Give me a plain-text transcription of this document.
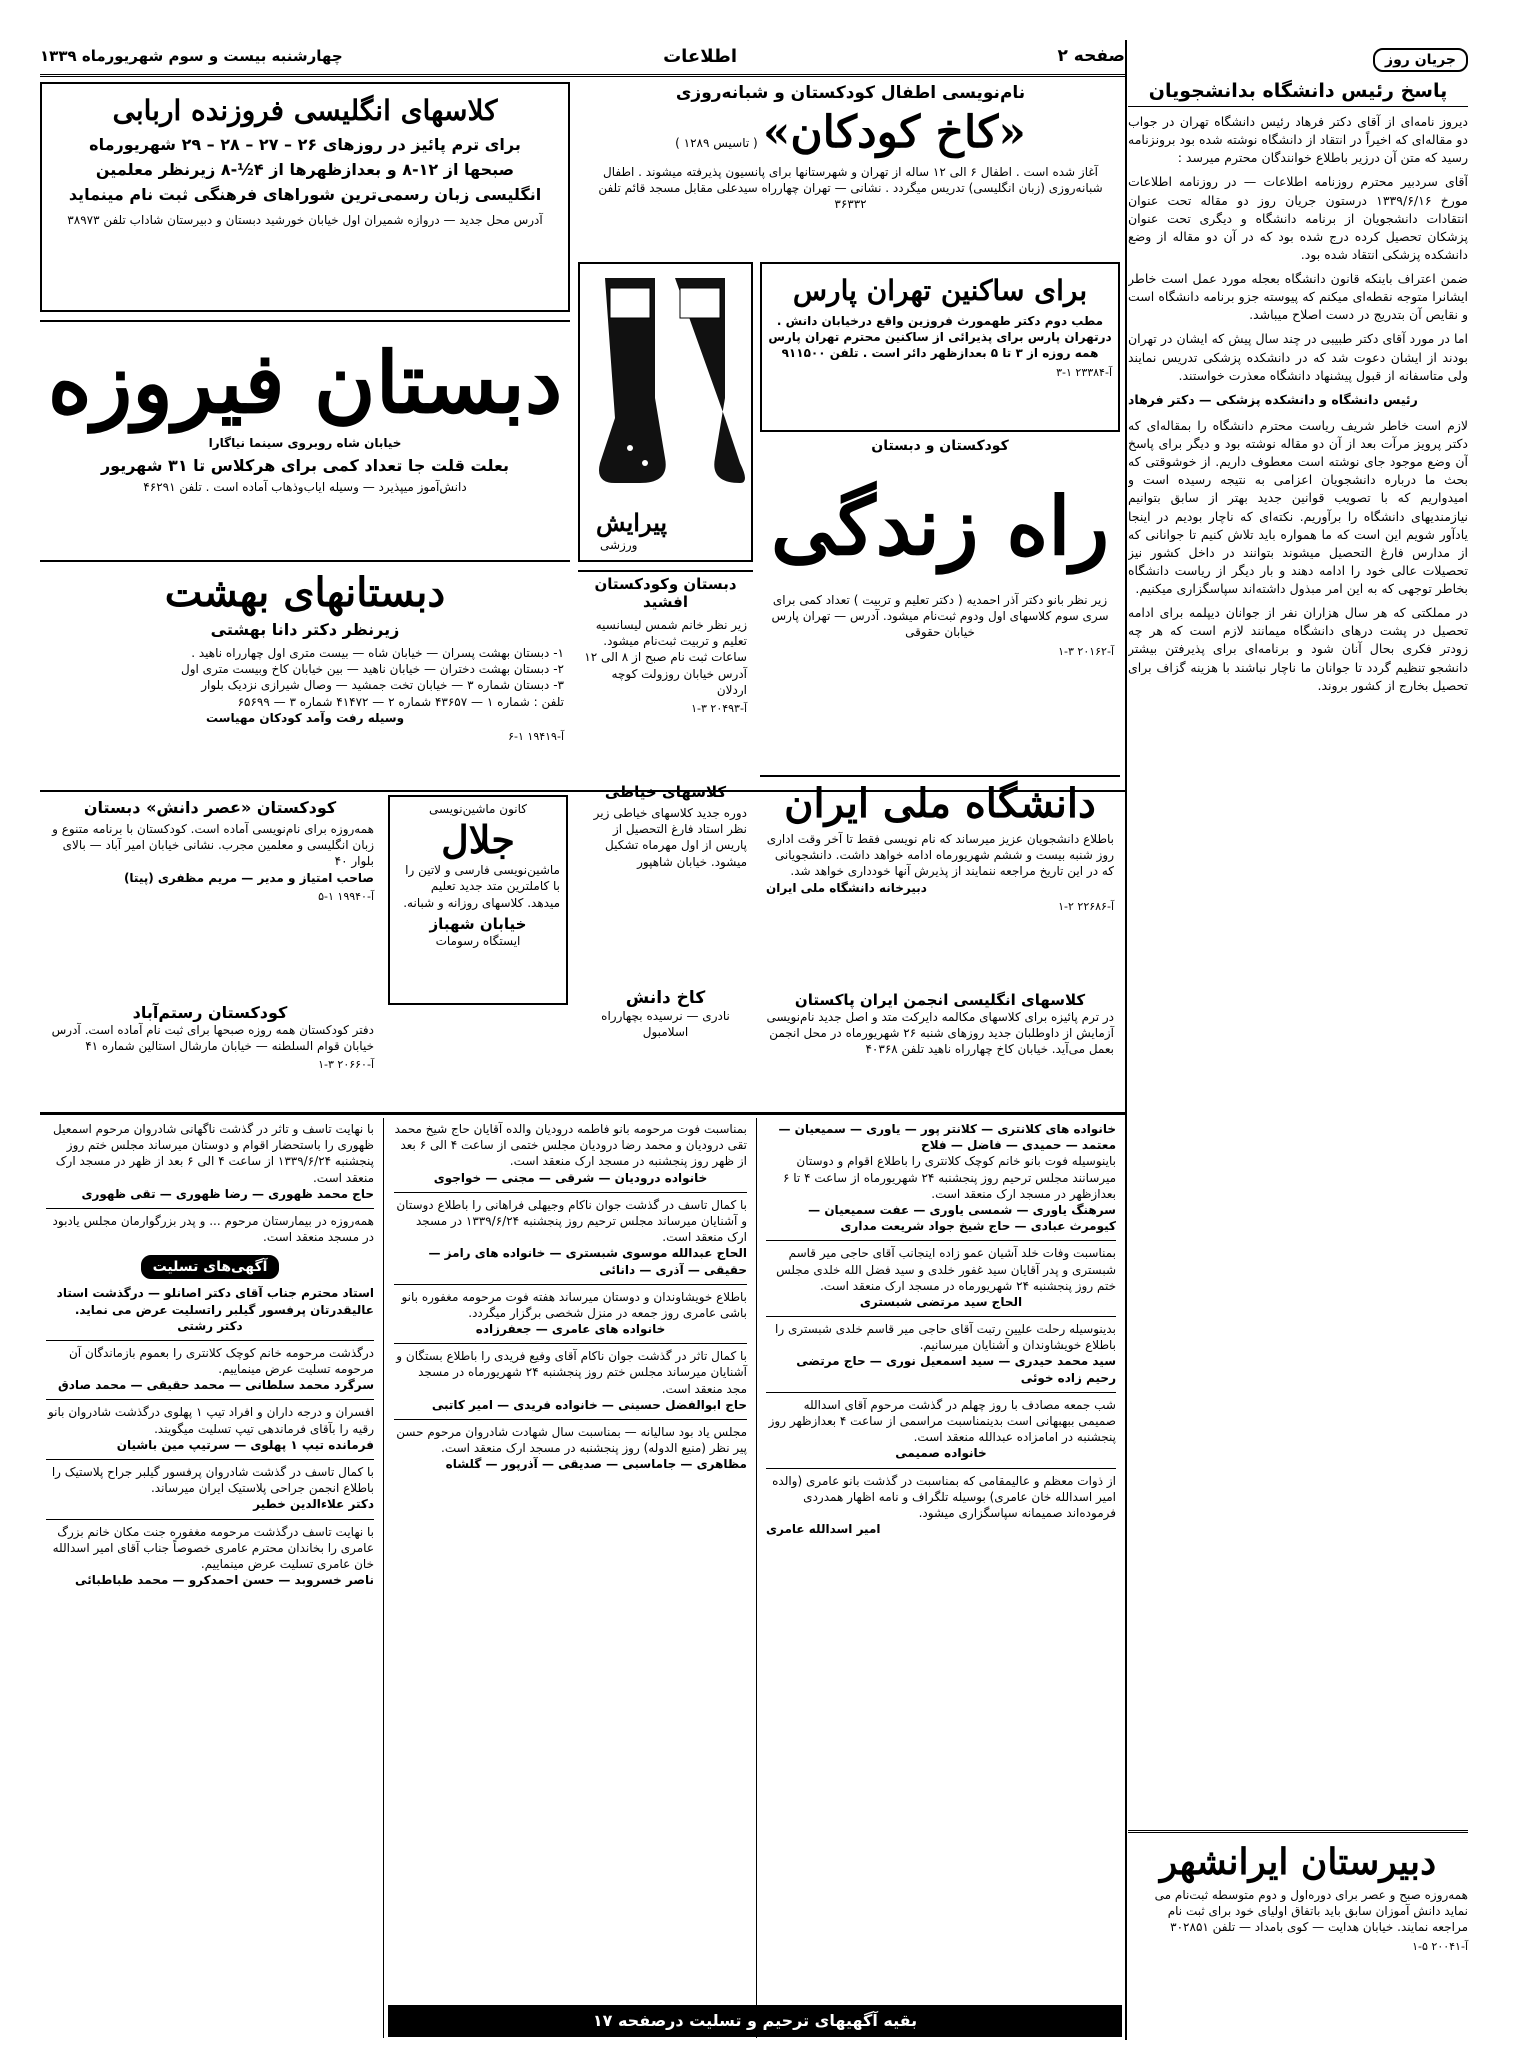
صفحه ۲
اطلاعات
چهارشنبه بیست و سوم شهریورماه ۱۳۳۹	جریان روز
پاسخ رئیس دانشگاه بدانشجویان

دیروز نامه‌ای از آقای دکتر فرهاد رئیس دانشگاه تهران در جواب دو مقاله‌ای که اخیراً در انتقاد از دانشگاه نوشته شده بود برونزنامه رسید که متن آن درزیر باطلاع خوانندگان محترم میرسد :

آقای سردبیر محترم روزنامه اطلاعات — در روزنامه اطلاعات مورخ ۱۳۳۹/۶/۱۶ درستون جریان روز دو مقاله تحت عنوان انتقادات دانشجویان از برنامه دانشگاه و دیگری تحت عنوان پزشکان تحصیل کرده درج شده بود که در آن دو مقاله از وضع دانشکده پزشکی انتقاد شده بود.

ضمن اعتراف باینکه قانون دانشگاه بعجله مورد عمل است خاطر ایشانرا متوجه نقطه‌ای میکنم که پیوسته جزو برنامه دانشگاه است و نقایص آن بتدریج در دست اصلاح میباشد.

اما در مورد آقای دکتر طبیبی در چند سال پیش که ایشان در تهران بودند از ایشان دعوت شد که در دانشکده پزشکی تدریس نمایند ولی متاسفانه از قبول پیشنهاد دانشگاه معذرت خواستند.

رئیس دانشگاه و دانشکده پزشکی — دکتر فرهاد

لازم است خاطر شریف ریاست محترم دانشگاه را بمقاله‌ای که دکتر پرویز مرآت بعد از آن دو مقاله نوشته بود و دیگر برای پاسخ آن وضع موجود جای نوشته است معطوف داریم. از خوشوقتی که بحث ما درباره دانشجویان اعزامی به نتیجه رسیده است و امیدواریم که با تصویب قوانین جدید بهتر از سابق بتوانیم نیازمندیهای دانشگاه را برآوریم. نکته‌ای که ناچار بودیم در اینجا یادآور شویم این است که ما همواره باید تلاش کنیم تا جوانانی که از مدارس فارغ التحصیل میشوند بتوانند در داخل کشور نیز تحصیلات عالی خود را ادامه دهند و بار دیگر از ریاست دانشگاه بخاطر توجهی که به این امر مبذول داشته‌اند سپاسگزاری میکنیم.

در مملکتی که هر سال هزاران نفر از جوانان دیپلمه برای ادامه تحصیل در پشت درهای دانشگاه میمانند لازم است که هر چه زودتر فکری بحال آنان شود و برنامه‌ای برای پذیرفتن بیشتر دانشجو تنظیم گردد تا جوانان ما ناچار نباشند با هزینه گزاف برای تحصیل بخارج از کشور بروند.

دبیرستان ایرانشهر
همه‌روزه صبح و عصر برای دوره‌اول و دوم متوسطه ثبت‌نام می نماید دانش آموزان سابق باید باتفاق اولیای خود برای ثبت نام مراجعه نمایند. خیابان هدایت — کوی بامداد — تلفن ۳۰۲۸۵۱
آ-۲۰۰۴۱ ۵-۱
کلاسهای انگلیسی فروزنده اربابی
برای ترم پائیز در روزهای ۲۶ – ۲۷ – ۲۸ – ۲۹ شهریورماه
صبحها از ۱۲-۸ و بعدازظهرها از ۴½-۸ زیرنظر معلمین
انگلیسی زبان رسمی‌ترین شوراهای فرهنگی ثبت نام مینماید
آدرس محل جدید — دروازه شمیران اول خیابان خورشید دبستان و دبیرستان شاداب تلفن ۳۸۹۷۳
نام‌نویسی اطفال کودکستان و شبانه‌روزی
«کاخ کودکان» ( تاسیس ۱۲۸۹ )
آغاز شده است . اطفال ۶ الی ۱۲ ساله از تهران و شهرستانها برای پانسیون پذیرفته میشوند . اطفال شبانه‌روزی (زبان انگلیسی) تدریس میگردد . نشانی — تهران چهارراه سیدعلی مقابل مسجد قائم تلفن ۳۶۳۳۲
دبستان فیروزه
خیابان شاه روبروی سینما نیاگارا
بعلت قلت جا تعداد کمی برای هرکلاس تا ۳۱ شهریور
دانش‌آموز میپذیرد — وسیله ایاب‌وذهاب آماده است . تلفن ۴۶۲۹۱
پیرایش
ورزشی
برای ساکنین تهران پارس
مطب دوم دکتر طهمورث فروزین واقع درخیابان دانش . درتهران پارس برای پذیرائی از ساکنین محترم تهران پارس همه روزه از ۳ تا ۵ بعدازظهر دائر است . تلفن ۹۱۱۵۰۰
آ-۲۳۳۸۴ ۱-۳
کودکستان و دبستان
راه زندگی
زیر نظر بانو دکتر آذر احمدیه ( دکتر تعلیم و تربیت ) تعداد کمی برای سری سوم کلاسهای اول ودوم ثبت‌نام میشود. آدرس — تهران پارس خیابان حقوقی
آ-۲۰۱۶۲ ۳-۱
دبستانهای بهشت
زیرنظر دکتر دانا بهشتی
۱- دبستان بهشت پسران — خیابان شاه — بیست متری اول چهارراه ناهید .
۲- دبستان بهشت دختران — خیابان ناهید — بین خیابان کاخ وبیست متری اول
۳- دبستان شماره ۳ — خیابان تخت جمشید — وصال شیرازی نزدیک بلوار
تلفن : شماره ۱ — ۴۳۶۵۷ شماره ۲ — ۴۱۴۷۲ شماره ۳ — ۶۵۶۹۹
وسیله رفت وآمد کودکان مهیاست
آ-۱۹۴۱۹ ۱-۶
دبستان وکودکستان افشید
زیر نظر خانم شمس لیسانسیه تعلیم و تربیت ثبت‌نام میشود. ساعات ثبت نام صبح از ۸ الی ۱۲ آدرس خیابان روزولت کوچه اردلان
آ-۲۰۴۹۳ ۳-۱
کودکستان «عصر دانش» دبستان
همه‌روزه برای نام‌نویسی آماده است. کودکستان با برنامه متنوع و زبان انگلیسی و معلمین مجرب. نشانی خیابان امیر آباد — بالای بلوار ۴۰
صاحب امتیاز و مدیر — مریم مظفری (پیتا)
آ-۱۹۹۴۰ ۱-۵
کانون ماشین‌نویسی
جلال
ماشین‌نویسی فارسی و لاتین را با کاملترین متد جدید تعلیم میدهد. کلاسهای روزانه و شبانه.
خیابان شهباز
ایستگاه رسومات
کلاسهای خیاطی
دوره جدید کلاسهای خیاطی زیر نظر استاد فارغ التحصیل از پاریس از اول مهرماه تشکیل میشود. خیابان شاهپور
دانشگاه ملی ایران
باطلاع دانشجویان عزیز میرساند که نام نویسی فقط تا آخر وقت اداری روز شنبه بیست و ششم شهریورماه ادامه خواهد داشت. دانشجویانی که در این تاریخ مراجعه ننمایند از پذیرش آنها خودداری خواهد شد.
دبیرخانه دانشگاه ملی ایران
آ-۲۲۶۸۶ ۲-۱
کودکستان رستم‌آباد
دفتر کودکستان همه روزه صبحها برای ثبت نام آماده است. آدرس خیابان قوام السلطنه — خیابان مارشال استالین شماره ۴۱
آ-۲۰۶۶۰ ۳-۱
کاخ دانش
نادری — نرسیده بچهارراه اسلامبول
کلاسهای انگلیسی انجمن ایران پاکستان
در ترم پائیزه برای کلاسهای مکالمه دایرکت متد و اصل جدید نام‌نویسی آزمایش از داوطلبان جدید روزهای شنبه ۲۶ شهریورماه در محل انجمن بعمل می‌آید. خیابان کاخ چهارراه ناهید تلفن ۴۰۳۶۸
با نهایت تاسف و تاثر در گذشت ناگهانی شادروان مرحوم اسمعیل ظهوری را باستحضار اقوام و دوستان میرساند مجلس ختم روز پنجشنبه ۱۳۳۹/۶/۲۴ از ساعت ۴ الی ۶ بعد از ظهر در مسجد ارک منعقد است.
حاج محمد ظهوری — رضا ظهوری — تقی ظهوری
همه‌روزه در بیمارستان مرحوم ... و پدر بزرگوارمان مجلس یادبود در مسجد منعقد است.
آگهی‌های تسلیت
استاد محترم جناب آقای دکتر اصانلو — درگذشت استاد عالیقدرتان پرفسور گیلبر راتسلیت عرض می نماید.
دکتر رشتی
درگذشت مرحومه خانم کوچک کلانتری را بعموم بازماندگان آن مرحومه تسلیت عرض مینماییم.
سرگرد محمد سلطانی — محمد حقیقی — محمد صادق
افسران و درجه داران و افراد تیپ ۱ پهلوی درگذشت شادروان بانو رقیه را بآقای فرماندهی تیپ تسلیت میگویند.
فرمانده تیپ ۱ پهلوی — سرتیپ مین باشیان
با کمال تاسف در گذشت شادروان پرفسور گیلبر جراح پلاستیک را باطلاع انجمن جراحی پلاستیک ایران میرساند.
دکتر علاءالدین خطیر
با نهایت تاسف درگذشت مرحومه مغفوره جنت مکان خانم بزرگ عامری را بخاندان محترم عامری خصوصاً جناب آقای امیر اسدالله خان عامری تسلیت عرض مینماییم.
ناصر خسروبد — حسن احمدکرو — محمد طباطبائی
بمناسبت فوت مرحومه بانو فاطمه درودیان والده آقایان حاج شیخ محمد تقی درودیان و محمد رضا درودیان مجلس ختمی از ساعت ۴ الی ۶ بعد از ظهر روز پنجشنبه در مسجد ارک منعقد است.
خانواده درودیان — شرقی — مجنی — خواجوی
با کمال تاسف در گذشت جوان ناکام وجیهلی فراهانی را باطلاع دوستان و آشنایان میرساند مجلس ترحیم روز پنجشنبه ۱۳۳۹/۶/۲۴ در مسجد ارک منعقد است.
الحاج عبدالله موسوی شبستری — خانواده های رامز — حقیقی — آذری — دانائی
باطلاع خویشاوندان و دوستان میرساند هفته فوت مرحومه مغفوره بانو باشی عامری روز جمعه در منزل شخصی برگزار میگردد.
خانواده های عامری — جعفرزاده
با کمال تاثر در گذشت جوان ناکام آقای وفیع فریدی را باطلاع بستگان و آشنایان میرساند مجلس ختم روز پنجشنبه ۲۴ شهریورماه در مسجد مجد منعقد است.
حاج ابوالفضل حسینی — خانواده فریدی — امیر کاتبی
مجلس یاد بود سالیانه — بمناسبت سال شهادت شادروان مرحوم حسن پیر نظر (منیع الدوله) روز پنجشنبه در مسجد ارک منعقد است.
مظاهری — جاماسبی — صدیقی — آذرپور — گلشاه
خانواده های کلانتری — کلانتر پور — یاوری — سمیعیان — معتمد — حمیدی — فاضل — فلاح
باینوسیله فوت بانو خانم کوچک کلانتری را باطلاع اقوام و دوستان میرسانند مجلس ترحیم روز پنجشنبه ۲۴ شهریورماه از ساعت ۴ تا ۶ بعدازظهر در مسجد ارک منعقد است.
سرهنگ یاوری — شمسی یاوری — عفت سمیعیان — کیومرث عبادی — حاج شیخ جواد شریعت مداری
بمناسبت وفات خلد آشیان عمو زاده اینجانب آقای حاجی میر قاسم شبستری و پدر آقایان سید غفور خلدی و سید فضل الله خلدی مجلس ختم روز پنجشنبه ۲۴ شهریورماه در مسجد ارک منعقد است.
الحاج سید مرتضی شبستری
بدینوسیله رحلت علیین رتبت آقای حاجی میر قاسم خلدی شبستری را باطلاع خویشاوندان و آشنایان میرسانیم.
سید محمد حیدری — سید اسمعیل نوری — حاج مرتضی رحیم زاده خوئی
شب جمعه مصادف با روز چهلم در گذشت مرحوم آقای اسدالله صمیمی ببهبهانی است بدینمناسبت مراسمی از ساعت ۴ بعدازظهر روز پنجشنبه در امامزاده عبدالله منعقد است.
خانواده صمیمی
از ذوات معظم و عالیمقامی که بمناسبت در گذشت بانو عامری (والده امیر اسدالله خان عامری) بوسیله تلگراف و نامه اظهار همدردی فرموده‌اند صمیمانه سپاسگزاری میشود.
امیر اسدالله عامری
بقیه آگهیهای ترحیم و تسلیت درصفحه ۱۷
